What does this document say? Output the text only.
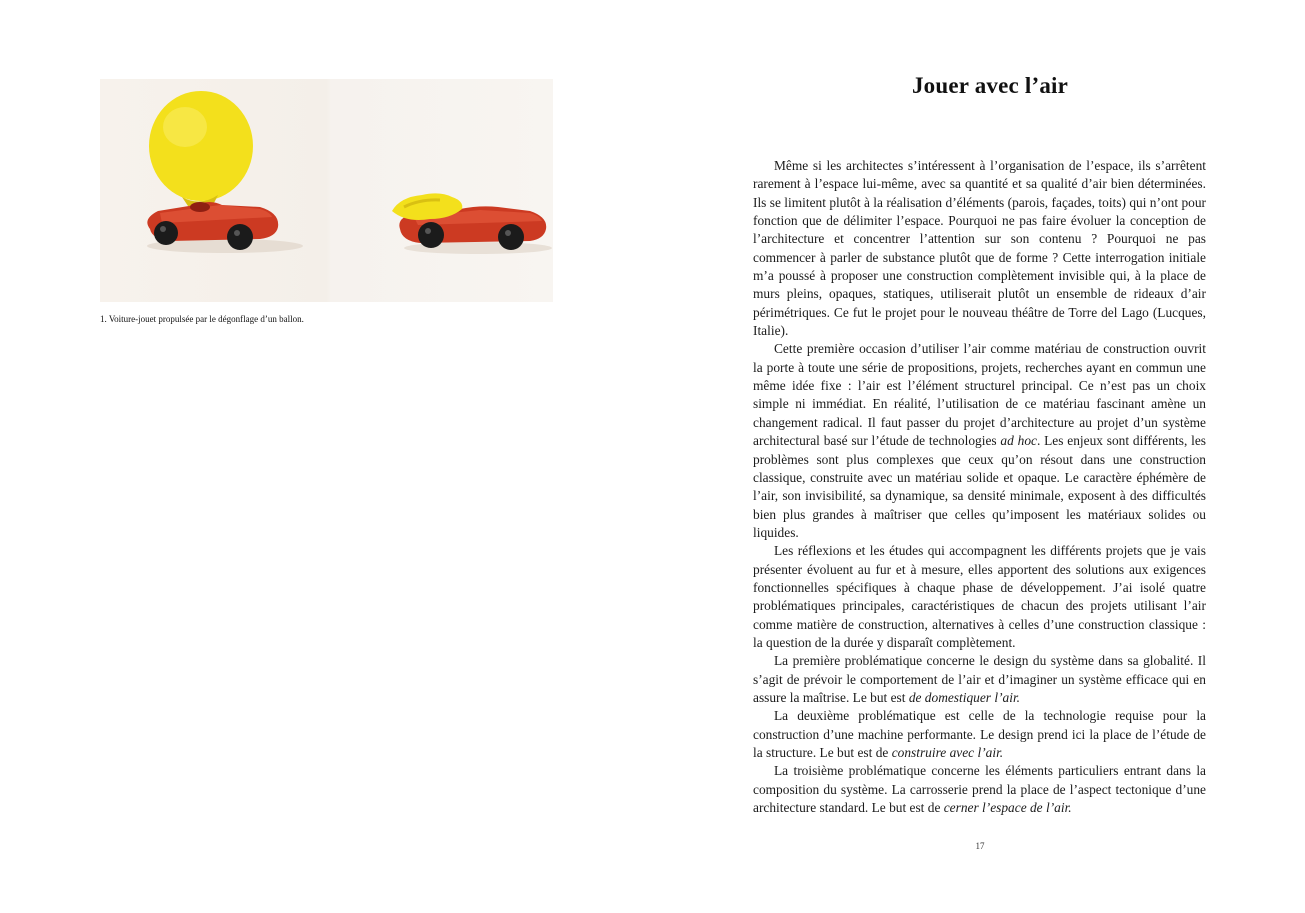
1. Voiture-jouet propulsée par le dégonflage d’un ballon.
Jouer avec l’air

Même si les architectes s’intéressent à l’organisation de l’espace, ils s’arrêtent rarement à l’espace lui-même, avec sa quantité et sa qualité d’air bien déterminées. Ils se limitent plutôt à la réalisation d’éléments (parois, façades, toits) qui n’ont pour fonction que de délimiter l’espace. Pourquoi ne pas faire évoluer la conception de l’architecture et concentrer l’attention sur son contenu ? Pourquoi ne pas commencer à parler de substance plutôt que de forme ? Cette interrogation initiale m’a poussé à proposer une construction complètement invisible qui, à la place de murs pleins, opaques, statiques, utiliserait plutôt un ensemble de rideaux d’air périmétriques. Ce fut le projet pour le nouveau théâtre de Torre del Lago (Lucques, Italie).

Cette première occasion d’utiliser l’air comme matériau de construction ouvrit la porte à toute une série de propositions, projets, recherches ayant en commun une même idée fixe : l’air est l’élément structurel principal. Ce n’est pas un choix simple ni immédiat. En réalité, l’utilisation de ce matériau fascinant amène un changement radical. Il faut passer du projet d’architecture au projet d’un système architectural basé sur l’étude de technologies ad hoc. Les enjeux sont différents, les problèmes sont plus complexes que ceux qu’on résout dans une construction classique, construite avec un matériau solide et opaque. Le caractère éphémère de l’air, son invisibilité, sa dynamique, sa densité minimale, exposent à des difficultés bien plus grandes à maîtriser que celles qu’imposent les matériaux solides ou liquides.

Les réflexions et les études qui accompagnent les différents projets que je vais présenter évoluent au fur et à mesure, elles apportent des solutions aux exigences fonctionnelles spécifiques à chaque phase de développement. J’ai isolé quatre problématiques principales, caractéristiques de chacun des projets utilisant l’air comme matière de construction, alternatives à celles d’une construction classique : la question de la durée y disparaît complètement.

La première problématique concerne le design du système dans sa globalité. Il s’agit de prévoir le comportement de l’air et d’imaginer un système efficace qui en assure la maîtrise. Le but est de domestiquer l’air.

La deuxième problématique est celle de la technologie requise pour la construction d’une machine performante. Le design prend ici la place de l’étude de la structure. Le but est de construire avec l’air.

La troisième problématique concerne les éléments particuliers entrant dans la composition du système. La carrosserie prend la place de l’aspect tectonique d’une architecture standard. Le but est de cerner l’espace de l’air.

17
